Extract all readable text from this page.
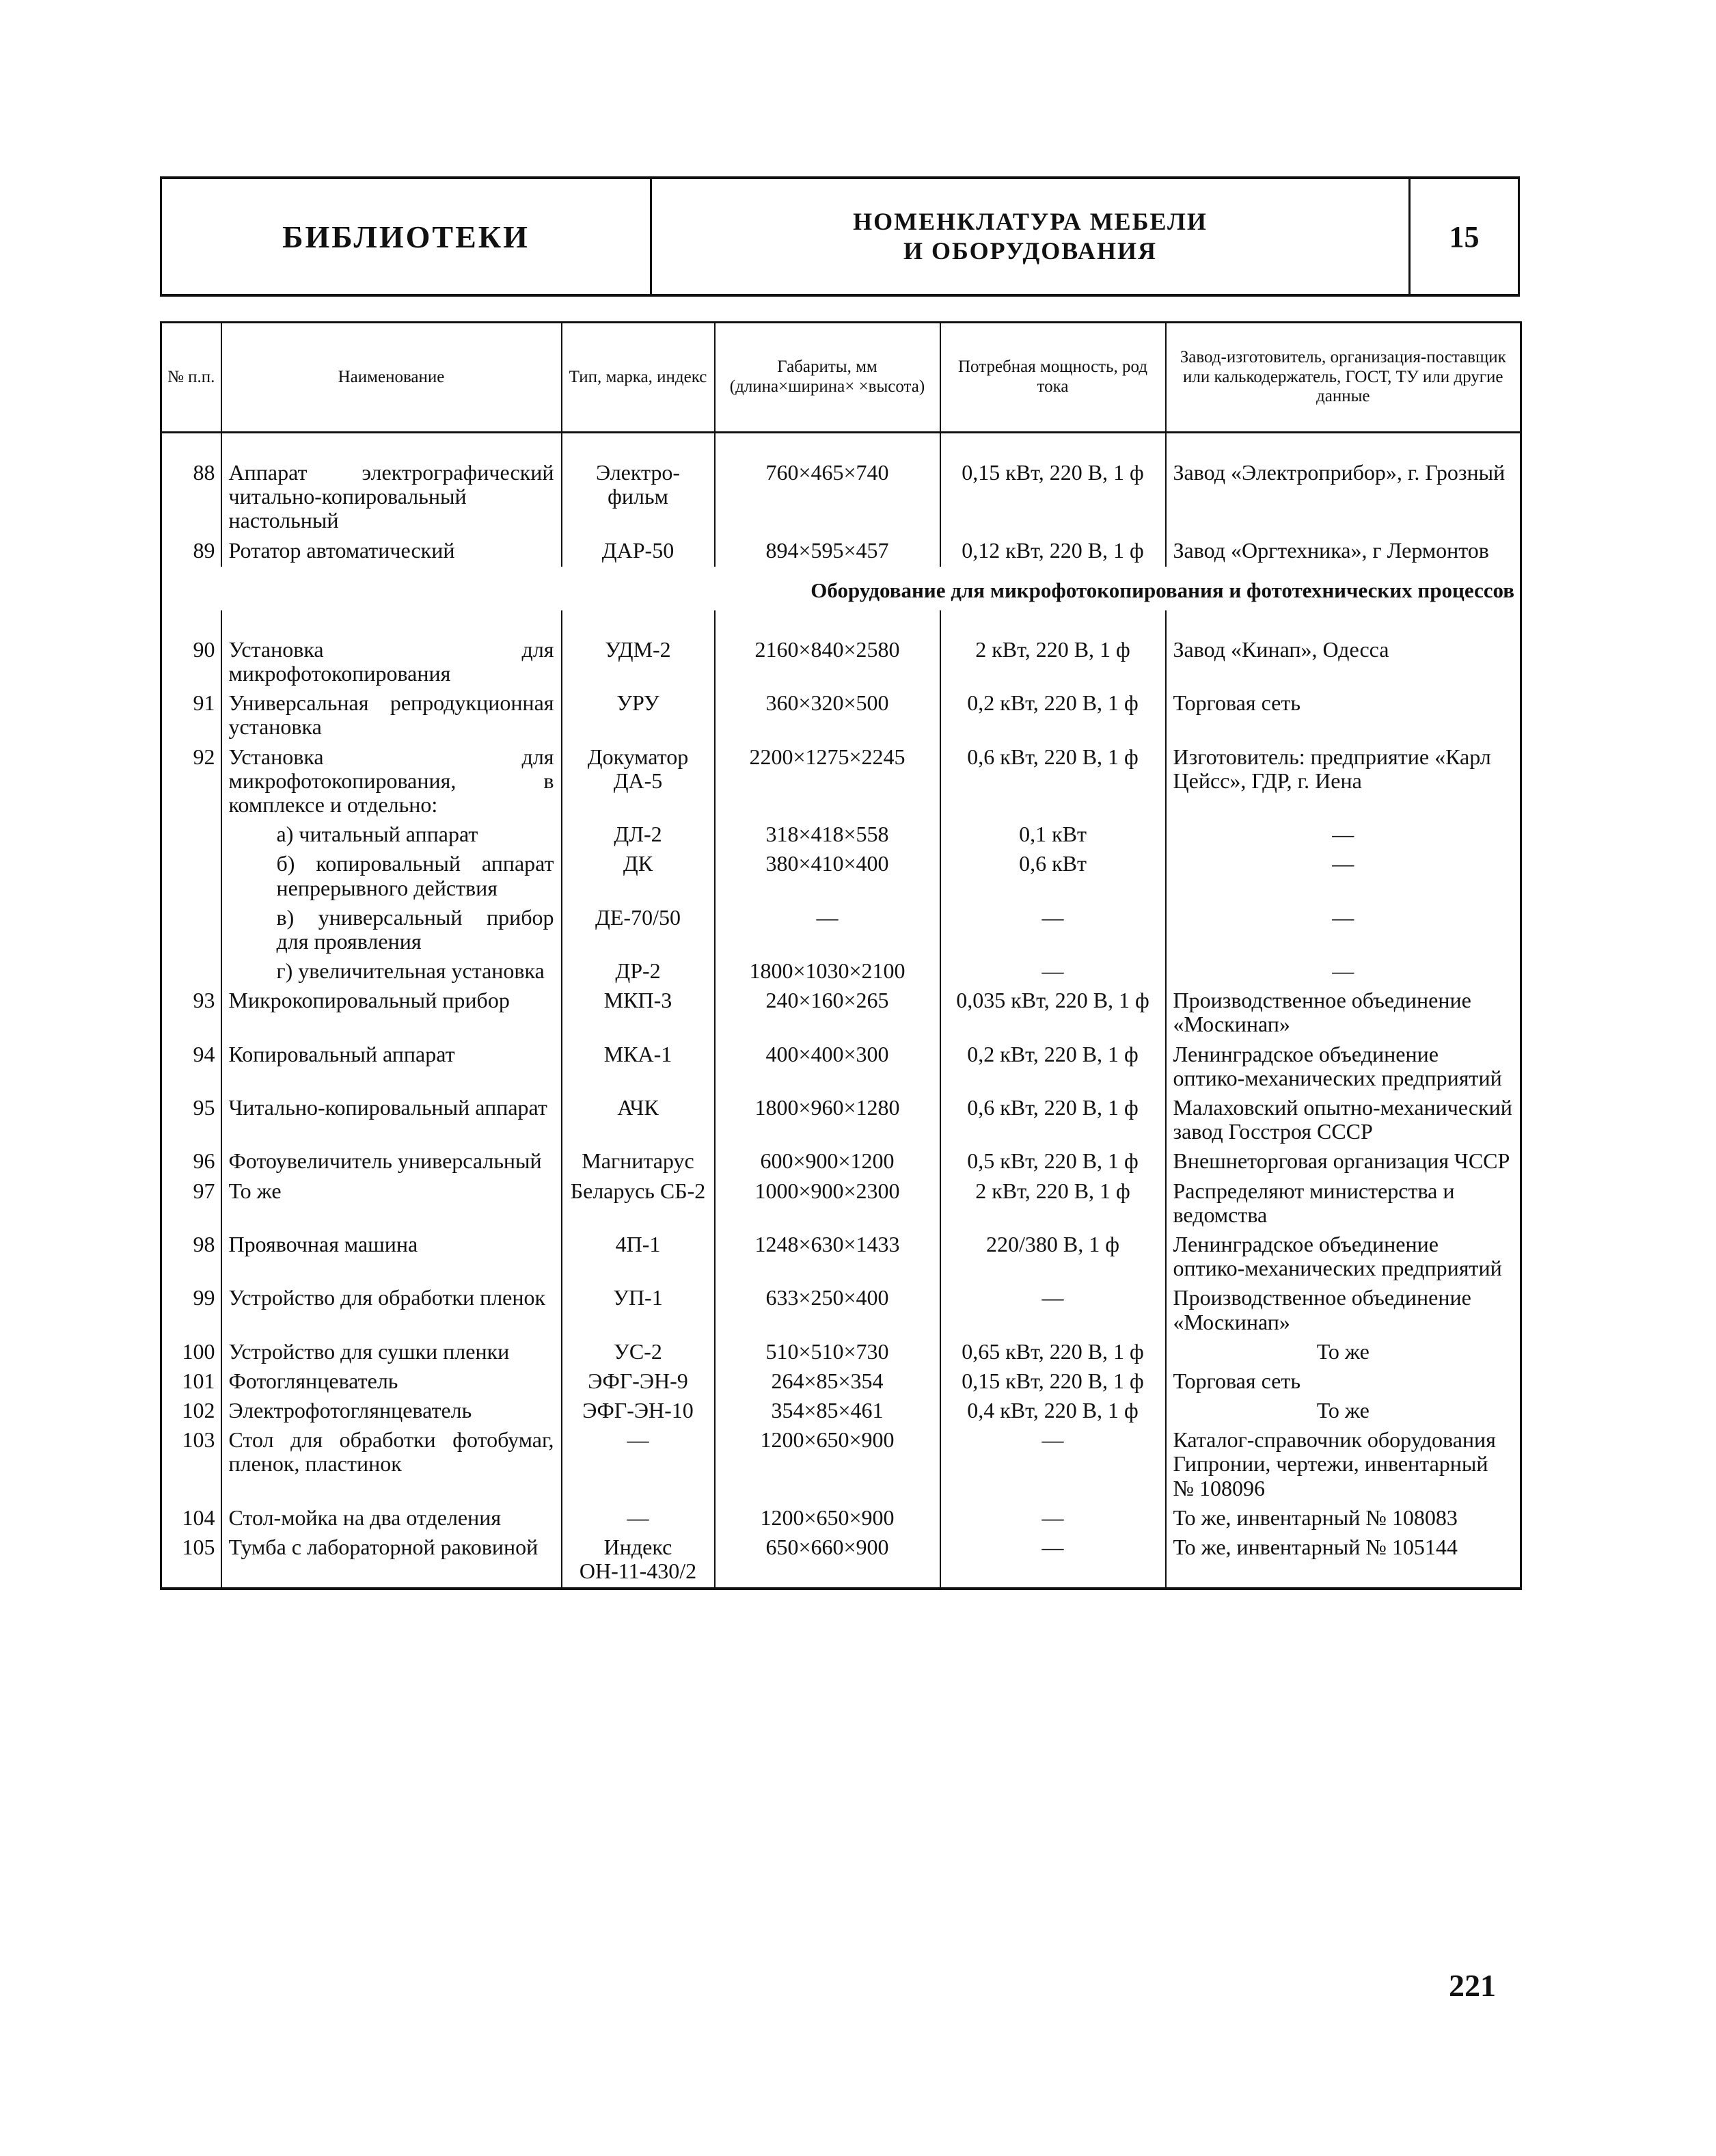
БИБЛИОТЕКИ	НОМЕНКЛАТУРА МЕБЕЛИ
И ОБОРУДОВАНИЯ	15
№ п.п.	Наименование	Тип, марка, индекс	Габариты, мм (длина×ширина× ×высота)	Потребная мощность, род тока	Завод-изготовитель, организация-поставщик или калькодержатель, ГОСТ, ТУ или другие данные
88	Аппарат электрографический читально-копировальный настольный	Электро-фильм	760×465×740	0,15 кВт, 220 В, 1 ф	Завод «Электроприбор», г. Грозный
89	Ротатор автоматический	ДАР-50	894×595×457	0,12 кВт, 220 В, 1 ф	Завод «Оргтехника», г Лермонтов
Оборудование для микрофотокопирования и фототехнических процессов					
90	Установка для микрофотокопирования	УДМ-2	2160×840×2580	2 кВт, 220 В, 1 ф	Завод «Кинап», Одесса
91	Универсальная репродукционная установка	УРУ	360×320×500	0,2 кВт, 220 В, 1 ф	Торговая сеть
92	Установка для микрофотокопирования, в комплексе и отдельно:	Докуматор ДА-5	2200×1275×2245	0,6 кВт, 220 В, 1 ф	Изготовитель: предприятие «Карл Цейсс», ГДР, г. Иена
	а) читальный аппарат	ДЛ-2	318×418×558	0,1 кВт	—
	б) копировальный аппарат непрерывного действия	ДК	380×410×400	0,6 кВт	—
	в) универсальный прибор для проявления	ДЕ-70/50	—	—	—
	г) увеличительная установка	ДР-2	1800×1030×2100	—	—
93	Микрокопировальный прибор	МКП-3	240×160×265	0,035 кВт, 220 В, 1 ф	Производственное объединение «Москинап»
94	Копировальный аппарат	МКА-1	400×400×300	0,2 кВт, 220 В, 1 ф	Ленинградское объединение оптико-механических предприятий
95	Читально-копировальный аппарат	АЧК	1800×960×1280	0,6 кВт, 220 В, 1 ф	Малаховский опытно-механический завод Госстроя СССР
96	Фотоувеличитель универсальный	Магнитарус	600×900×1200	0,5 кВт, 220 В, 1 ф	Внешнеторговая организация ЧССР
97	То же	Беларусь СБ-2	1000×900×2300	2 кВт, 220 В, 1 ф	Распределяют министерства и ведомства
98	Проявочная машина	4П-1	1248×630×1433	220/380 В, 1 ф	Ленинградское объединение оптико-механических предприятий
99	Устройство для обработки пленок	УП-1	633×250×400	—	Производственное объединение «Москинап»
100	Устройство для сушки пленки	УС-2	510×510×730	0,65 кВт, 220 В, 1 ф	То же
101	Фотоглянцеватель	ЭФГ-ЭН-9	264×85×354	0,15 кВт, 220 В, 1 ф	Торговая сеть
102	Электрофотоглянцеватель	ЭФГ-ЭН-10	354×85×461	0,4 кВт, 220 В, 1 ф	То же
103	Стол для обработки фотобумаг, пленок, пластинок	—	1200×650×900	—	Каталог-справочник оборудования Гипронии, чертежи, инвентарный № 108096
104	Стол-мойка на два отделения	—	1200×650×900	—	То же, инвентарный № 108083
105	Тумба с лабораторной раковиной	Индекс ОН-11-430/2	650×660×900	—	То же, инвентарный № 105144
221
